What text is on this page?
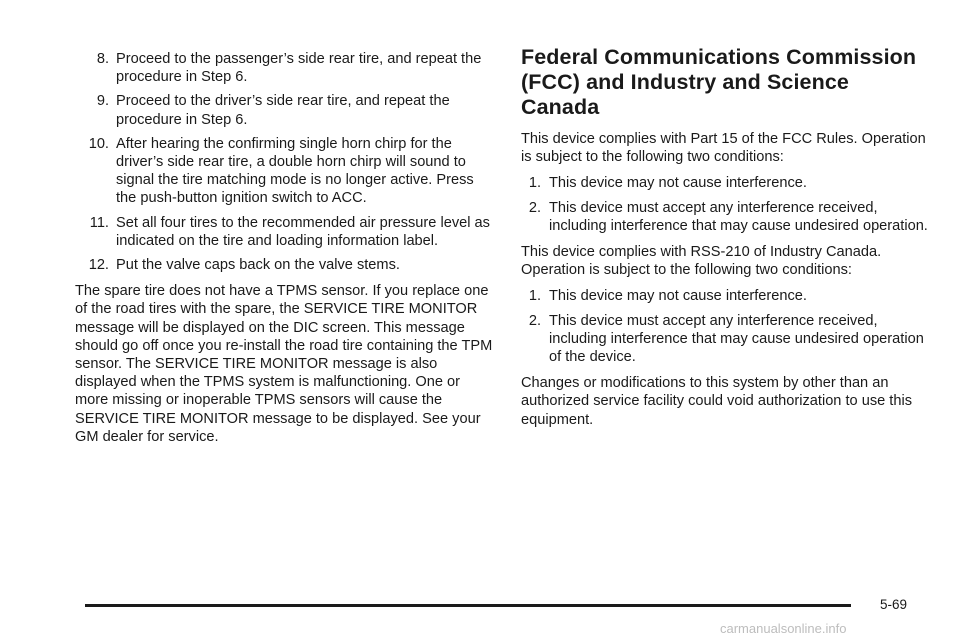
8. Proceed to the passenger’s side rear tire, and repeat the procedure in Step 6.
9. Proceed to the driver’s side rear tire, and repeat the procedure in Step 6.
10. After hearing the confirming single horn chirp for the driver’s side rear tire, a double horn chirp will sound to signal the tire matching mode is no longer active. Press the push-button ignition switch to ACC.
11. Set all four tires to the recommended air pressure level as indicated on the tire and loading information label.
12. Put the valve caps back on the valve stems.

The spare tire does not have a TPMS sensor. If you replace one of the road tires with the spare, the SERVICE TIRE MONITOR message will be displayed on the DIC screen. This message should go off once you re-install the road tire containing the TPM sensor. The SERVICE TIRE MONITOR message is also displayed when the TPMS system is malfunctioning. One or more missing or inoperable TPMS sensors will cause the SERVICE TIRE MONITOR message to be displayed. See your GM dealer for service.

Federal Communications Commission (FCC) and Industry and Science Canada

This device complies with Part 15 of the FCC Rules. Operation is subject to the following two conditions:

1. This device may not cause interference.
2. This device must accept any interference received, including interference that may cause undesired operation.

This device complies with RSS-210 of Industry Canada. Operation is subject to the following two conditions:

1. This device may not cause interference.
2. This device must accept any interference received, including interference that may cause undesired operation of the device.

Changes or modifications to this system by other than an authorized service facility could void authorization to use this equipment.

5-69
carmanualsonline.info
